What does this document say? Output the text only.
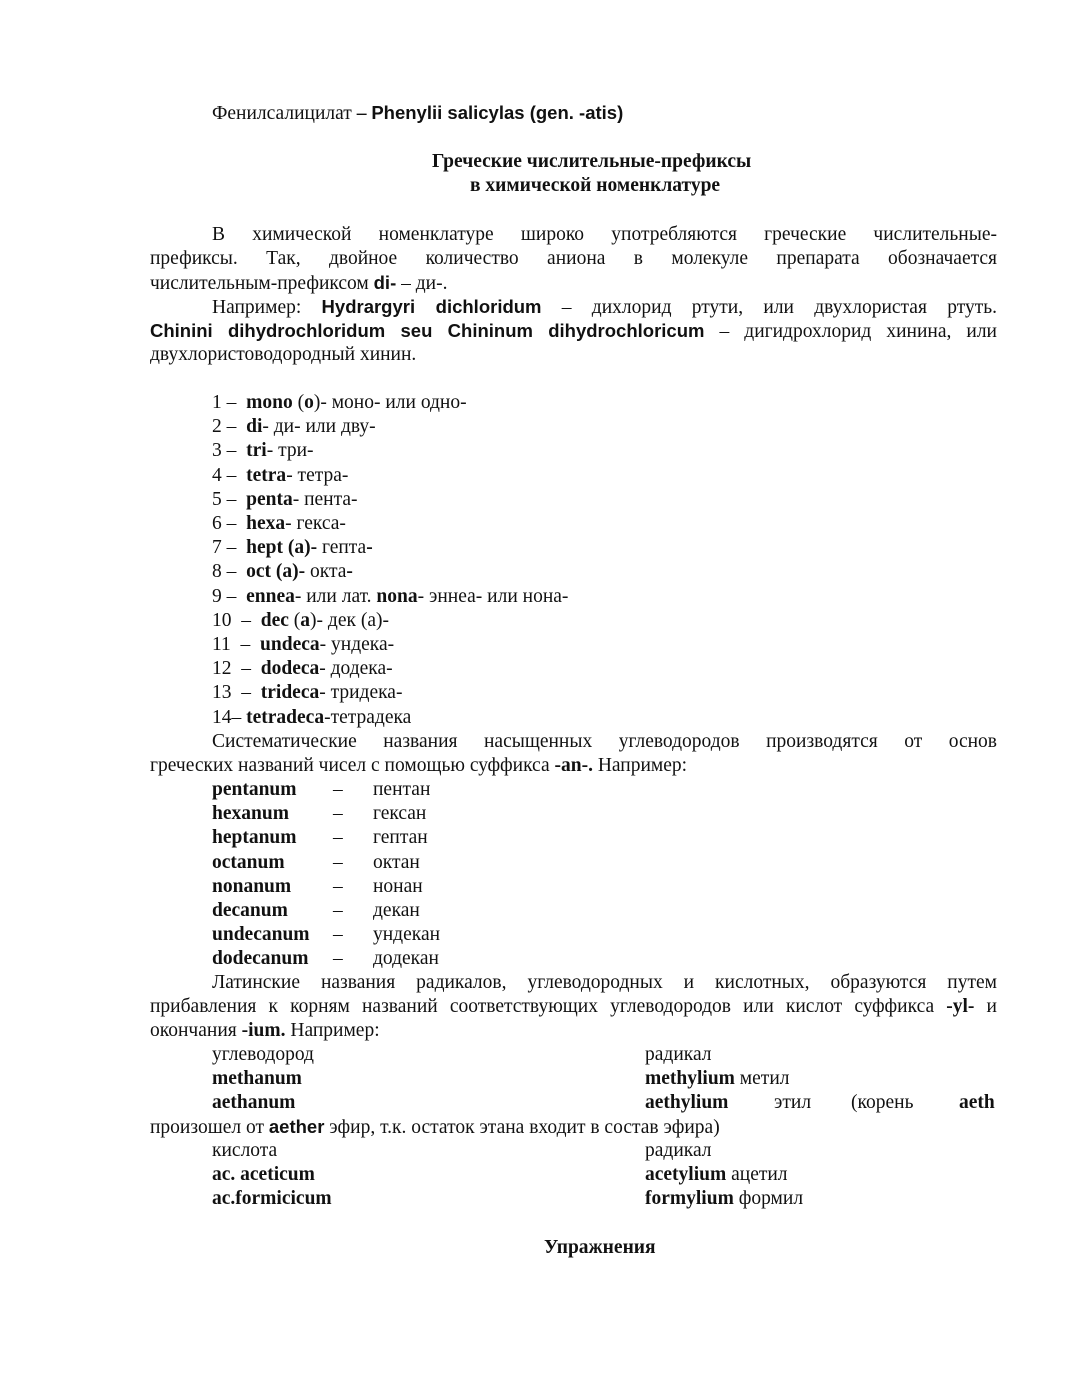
Фенилсалицилат – Phenylii salicylas (gen. -atis)
Греческие числительные-префиксы
в химической номенклатуре
В химической номенклатуре широко употребляются греческие числительные-
префиксы. Так, двойное количество аниона в молекуле препарата обозначается
числительным-префиксом di- – ди-.
Например: Hydrargyri dichloridum – дихлорид ртути, или двухлористая ртуть.
Chinini dihydrochloridum seu Chininum dihydrochloricum – дигидрохлорид хинина, или
двухлористоводородный хинин.
1 –  mono (o)- моно- или одно-
2 –  di- ди- или дву-
3 –  tri- три-
4 –  tetra- тетра-
5 –  penta- пента-
6 –  hexa- гекса-
7 –  hept (a)- гепта-
8 –  oct (a)- окта-
9 –  ennea- или лат. nona- эннеа- или нона-
10  –  dec (a)- дек (а)-
11  –  undeca- ундека-
12  –  dodeca- додека-
13  –  trideca- тридека-
14– tetradeca-тетрадека
Систематические названия насыщенных углеводородов производятся от основ
греческих названий чисел с помощью суффикса -an-. Например:
pentanum – пентан
hexanum – гексан
heptanum – гептан
octanum – октан
nonanum – нонан
decanum – декан
undecanum – ундекан
dodecanum – додекан
Латинские названия радикалов, углеводородных и кислотных, образуются путем
прибавления к корням названий соответствующих углеводородов или кислот суффикса -yl- и
окончания -ium. Например:
углеводород	радикал
methanum	methylium метил
aethanum	aethylium этил (корень aeth
произошел от aether эфир, т.к. остаток этана входит в состав эфира)
кислота	радикал
ac. aceticum	acetylium ацетил
ac.formicicum	formylium формил
Упражнения
